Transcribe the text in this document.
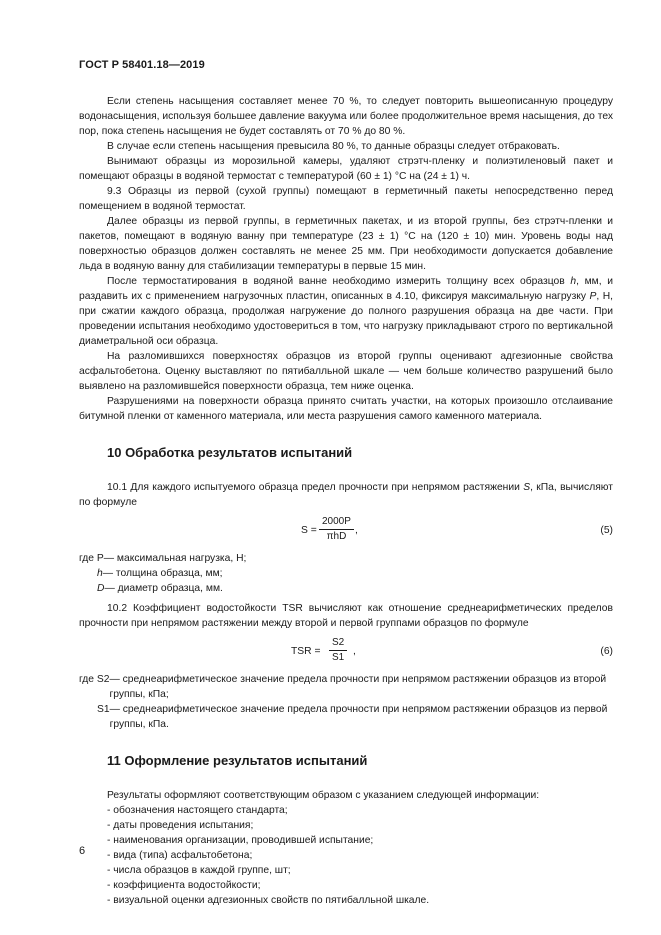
ГОСТ Р 58401.18—2019

Если степень насыщения составляет менее 70 %, то следует повторить вышеописанную процедуру водонасыщения, используя большее давление вакуума или более продолжительное время насыщения, до тех пор, пока степень насыщения не будет составлять от 70 % до 80 %.

В случае если степень насыщения превысила 80 %, то данные образцы следует отбраковать.

Вынимают образцы из морозильной камеры, удаляют стрэтч-пленку и полиэтиленовый пакет и помещают образцы в водяной термостат с температурой (60 ± 1) °С на (24 ± 1) ч.

9.3 Образцы из первой (сухой группы) помещают в герметичный пакеты непосредственно перед помещением в водяной термостат.

Далее образцы из первой группы, в герметичных пакетах, и из второй группы, без стрэтч-пленки и пакетов, помещают в водяную ванну при температуре (23 ± 1) °С на (120 ± 10) мин. Уровень воды над поверхностью образцов должен составлять не менее 25 мм. При необходимости допускается добавление льда в водяную ванну для стабилизации температуры в первые 15 мин.

После термостатирования в водяной ванне необходимо измерить толщину всех образцов h, мм, и раздавить их с применением нагрузочных пластин, описанных в 4.10, фиксируя максимальную нагрузку P, Н, при сжатии каждого образца, продолжая нагружение до полного разрушения образца на две части. При проведении испытания необходимо удостовериться в том, что нагрузку прикладывают строго по вертикальной диаметральной оси образца.

На разломившихся поверхностях образцов из второй группы оценивают адгезионные свойства асфальтобетона. Оценку выставляют по пятибалльной шкале — чем больше количество разрушений было выявлено на разломившейся поверхности образца, тем ниже оценка.

Разрушениями на поверхности образца принято считать участки, на которых произошло отслаивание битумной пленки от каменного материала, или места разрушения самого каменного материала.

10 Обработка результатов испытаний

10.1 Для каждого испытуемого образца предел прочности при непрямом растяжении S, кПа, вычисляют по формуле

S =
2000P
πhD
,	(5)
где P — максимальная нагрузка, Н;
h — толщина образца, мм;
D — диаметр образца, мм.

10.2 Коэффициент водостойкости TSR вычисляют как отношение среднеарифметических пределов прочности при непрямом растяжении между второй и первой группами образцов по формуле

TSR = $\frac{S2}{S1}$ ,	(6)
где S2 — среднеарифметическое значение предела прочности при непрямом растяжении образцов из второй группы, кПа;
S1 — среднеарифметическое значение предела прочности при непрямом растяжении образцов из первой группы, кПа.
11 Оформление результатов испытаний

Результаты оформляют соответствующим образом с указанием следующей информации:

- обозначения настоящего стандарта;
- даты проведения испытания;
- наименования организации, проводившей испытание;
- вида (типа) асфальтобетона;
- числа образцов в каждой группе, шт;
- коэффициента водостойкости;
- визуальной оценки адгезионных свойств по пятибалльной шкале.
6
